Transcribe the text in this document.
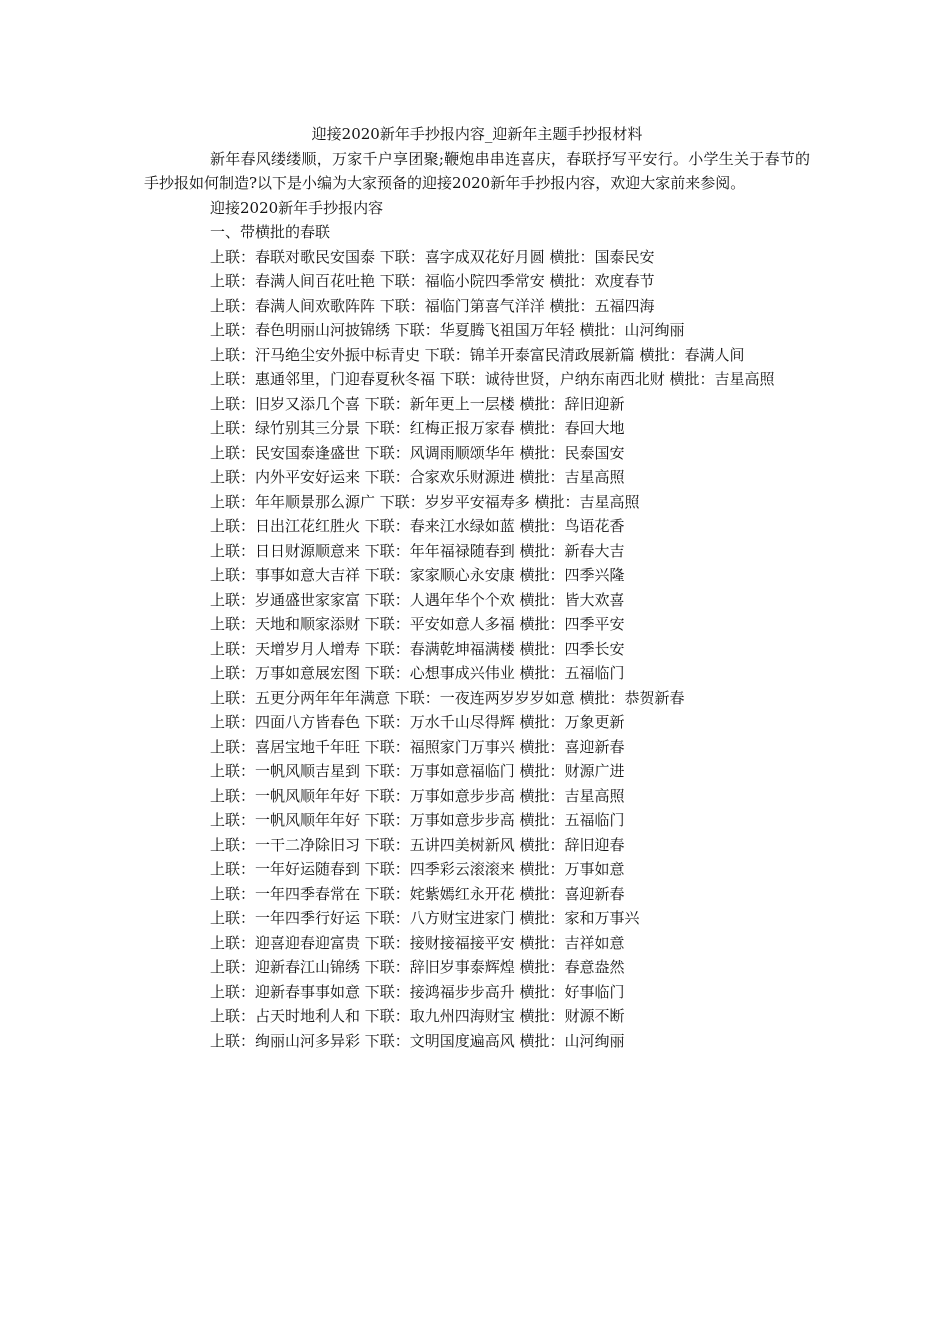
迎接2020新年手抄报内容_迎新年主题手抄报材料

新年春风缕缕顺，万家千户享团聚;鞭炮串串连喜庆，春联抒写平安行。小学生关于春节的手抄报如何制造?以下是小编为大家预备的迎接2020新年手抄报内容，欢迎大家前来参阅。

迎接2020新年手抄报内容

一、带横批的春联

上联：春联对歌民安国泰 下联：喜字成双花好月圆 横批：国泰民安

上联：春满人间百花吐艳 下联：福临小院四季常安 横批：欢度春节

上联：春满人间欢歌阵阵 下联：福临门第喜气洋洋 横批：五福四海

上联：春色明丽山河披锦绣 下联：华夏腾飞祖国万年轻 横批：山河绚丽

上联：汗马绝尘安外振中标青史 下联：锦羊开泰富民清政展新篇 横批：春满人间

上联：惠通邻里，门迎春夏秋冬福 下联：诚待世贤，户纳东南西北财 横批：吉星高照

上联：旧岁又添几个喜 下联：新年更上一层楼 横批：辞旧迎新

上联：绿竹别其三分景 下联：红梅正报万家春 横批：春回大地

上联：民安国泰逢盛世 下联：风调雨顺颂华年 横批：民泰国安

上联：内外平安好运来 下联：合家欢乐财源进 横批：吉星高照

上联：年年顺景那么源广 下联：岁岁平安福寿多 横批：吉星高照

上联：日出江花红胜火 下联：春来江水绿如蓝 横批：鸟语花香

上联：日日财源顺意来 下联：年年福禄随春到 横批：新春大吉

上联：事事如意大吉祥 下联：家家顺心永安康 横批：四季兴隆

上联：岁通盛世家家富 下联：人遇年华个个欢 横批：皆大欢喜

上联：天地和顺家添财 下联：平安如意人多福 横批：四季平安

上联：天增岁月人增寿 下联：春满乾坤福满楼 横批：四季长安

上联：万事如意展宏图 下联：心想事成兴伟业 横批：五福临门

上联：五更分两年年年满意 下联：一夜连两岁岁岁如意 横批：恭贺新春

上联：四面八方皆春色 下联：万水千山尽得辉 横批：万象更新

上联：喜居宝地千年旺 下联：福照家门万事兴 横批：喜迎新春

上联：一帆风顺吉星到 下联：万事如意福临门 横批：财源广进

上联：一帆风顺年年好 下联：万事如意步步高 横批：吉星高照

上联：一帆风顺年年好 下联：万事如意步步高 横批：五福临门

上联：一干二净除旧习 下联：五讲四美树新风 横批：辞旧迎春

上联：一年好运随春到 下联：四季彩云滚滚来 横批：万事如意

上联：一年四季春常在 下联：姹紫嫣红永开花 横批：喜迎新春

上联：一年四季行好运 下联：八方财宝进家门 横批：家和万事兴

上联：迎喜迎春迎富贵 下联：接财接福接平安 横批：吉祥如意

上联：迎新春江山锦绣 下联：辞旧岁事泰辉煌 横批：春意盎然

上联：迎新春事事如意 下联：接鸿福步步高升 横批：好事临门

上联：占天时地利人和 下联：取九州四海财宝 横批：财源不断

上联：绚丽山河多异彩 下联：文明国度遍高风 横批：山河绚丽
